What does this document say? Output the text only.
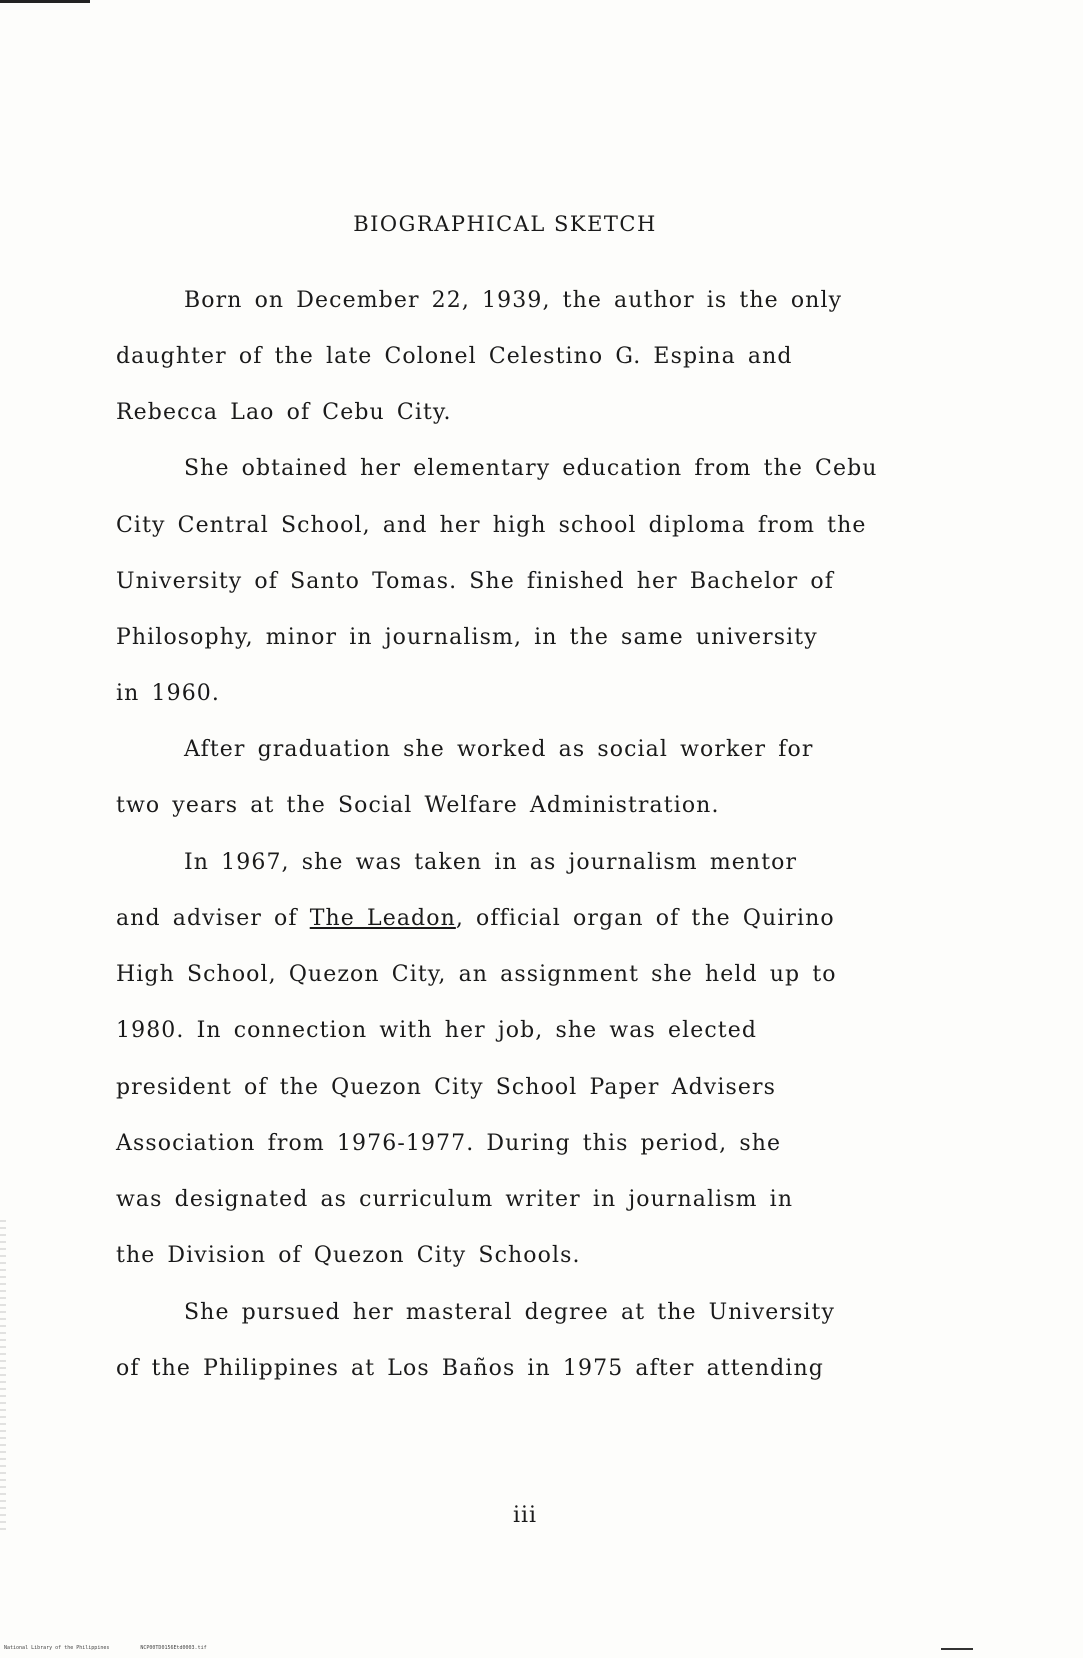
BIOGRAPHICAL SKETCH
Born on December 22, 1939, the author is the only
daughter of the late Colonel Celestino G. Espina and
Rebecca Lao of Cebu City.
She obtained her elementary education from the Cebu
City Central School, and her high school diploma from the
University of Santo Tomas. She finished her Bachelor of
Philosophy, minor in journalism, in the same university
in 1960.
After graduation she worked as social worker for
two years at the Social Welfare Administration.
In 1967, she was taken in as journalism mentor
and adviser of The Leadon, official organ of the Quirino
High School, Quezon City, an assignment she held up to
1980. In connection with her job, she was elected
president of the Quezon City School Paper Advisers
Association from 1976-1977. During this period, she
was designated as curriculum writer in journalism in
the Division of Quezon City Schools.
She pursued her masteral degree at the University
of the Philippines at Los Baños in 1975 after attending
iii
National Library of the Philippines	NCP00TD0156Etd0003.tif
